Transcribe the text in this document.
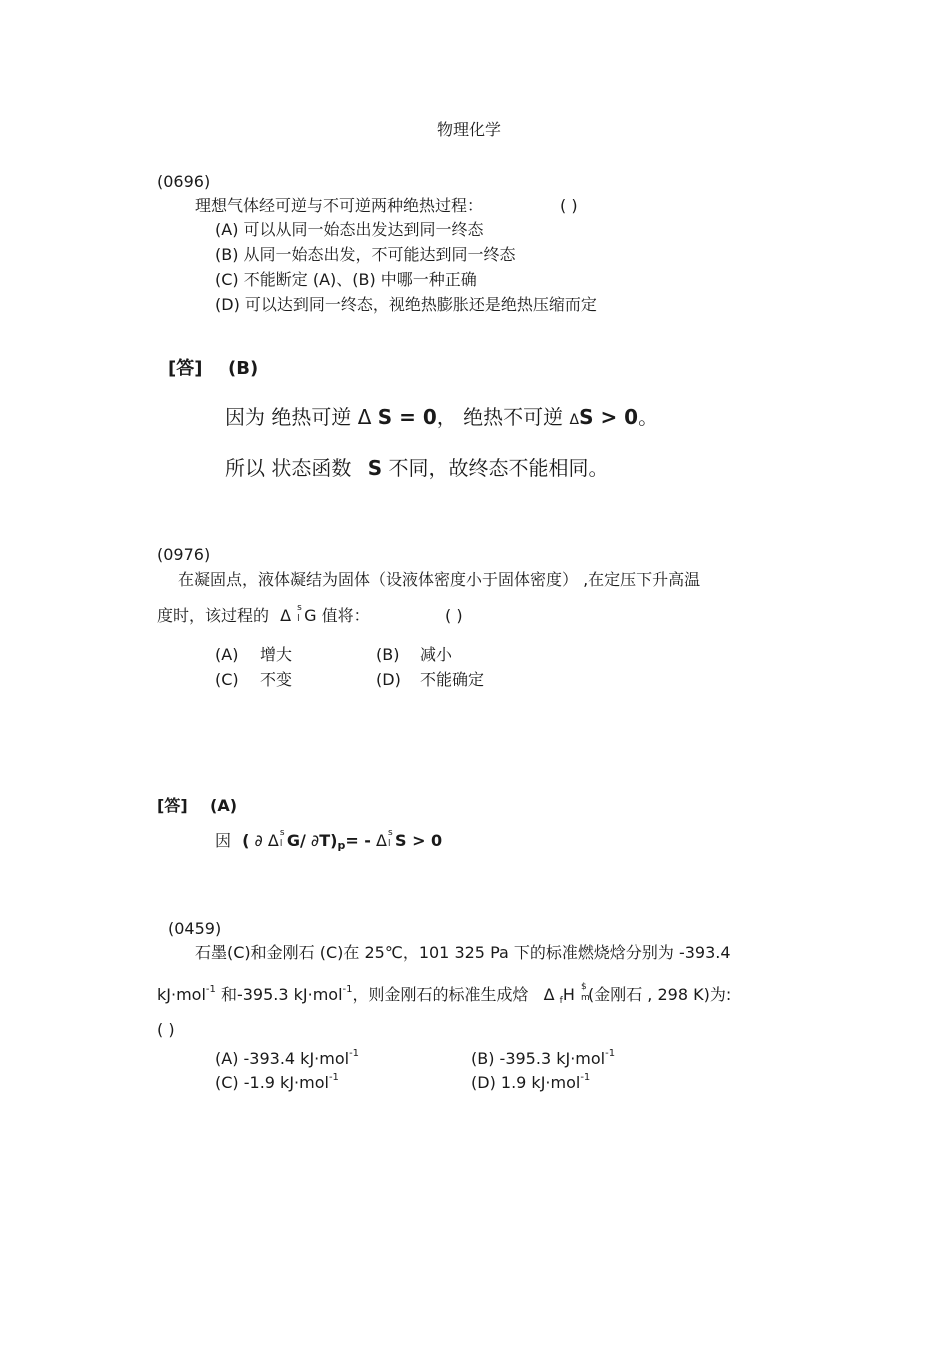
物理化学
(0696)
理想气体经可逆与不可逆两种绝热过程：	( )
(A) 可以从同一始态出发达到同一终态
(B) 从同一始态出发，不可能达到同一终态
(C) 不能断定 (A)、(B) 中哪一种正确
(D) 可以达到同一终态，视绝热膨胀还是绝热压缩而定
[答] (B)
因为 绝热可逆 Δ S = 0， 绝热不可逆 ΔS > 0。
所以 状态函数 S 不同，故终态不能相同。
(0976)
在凝固点，液体凝结为固体（设液体密度小于固体密度） ,在定压下升高温
度时，该过程的 Δ s
l G 值将：	( )
(A) 增大	(B) 减小
(C) 不变	(D) 不能确定
[答] (A)
因 ( ∂ Δ s
l G/ $\partial T)_p= - \Delta$ s
l S > 0
(0459)
石墨(C)和金刚石 (C)在 25℃，101 325 Pa 下的标准燃烧焓分别为 -393.4
kJ·mol$^{-1}$ 和-395.3 kJ·mol$^{-1}$，则金刚石的标准生成焓 Δ $_f$H $
m
(金刚石 , 298 K)为:
( )
(A) -393.4 kJ·mol$^{-1}$	(B) -395.3 kJ·mol$^{-1}$
(C) -1.9 kJ·mol$^{-1}$	(D) 1.9 kJ·mol$^{-1}$
